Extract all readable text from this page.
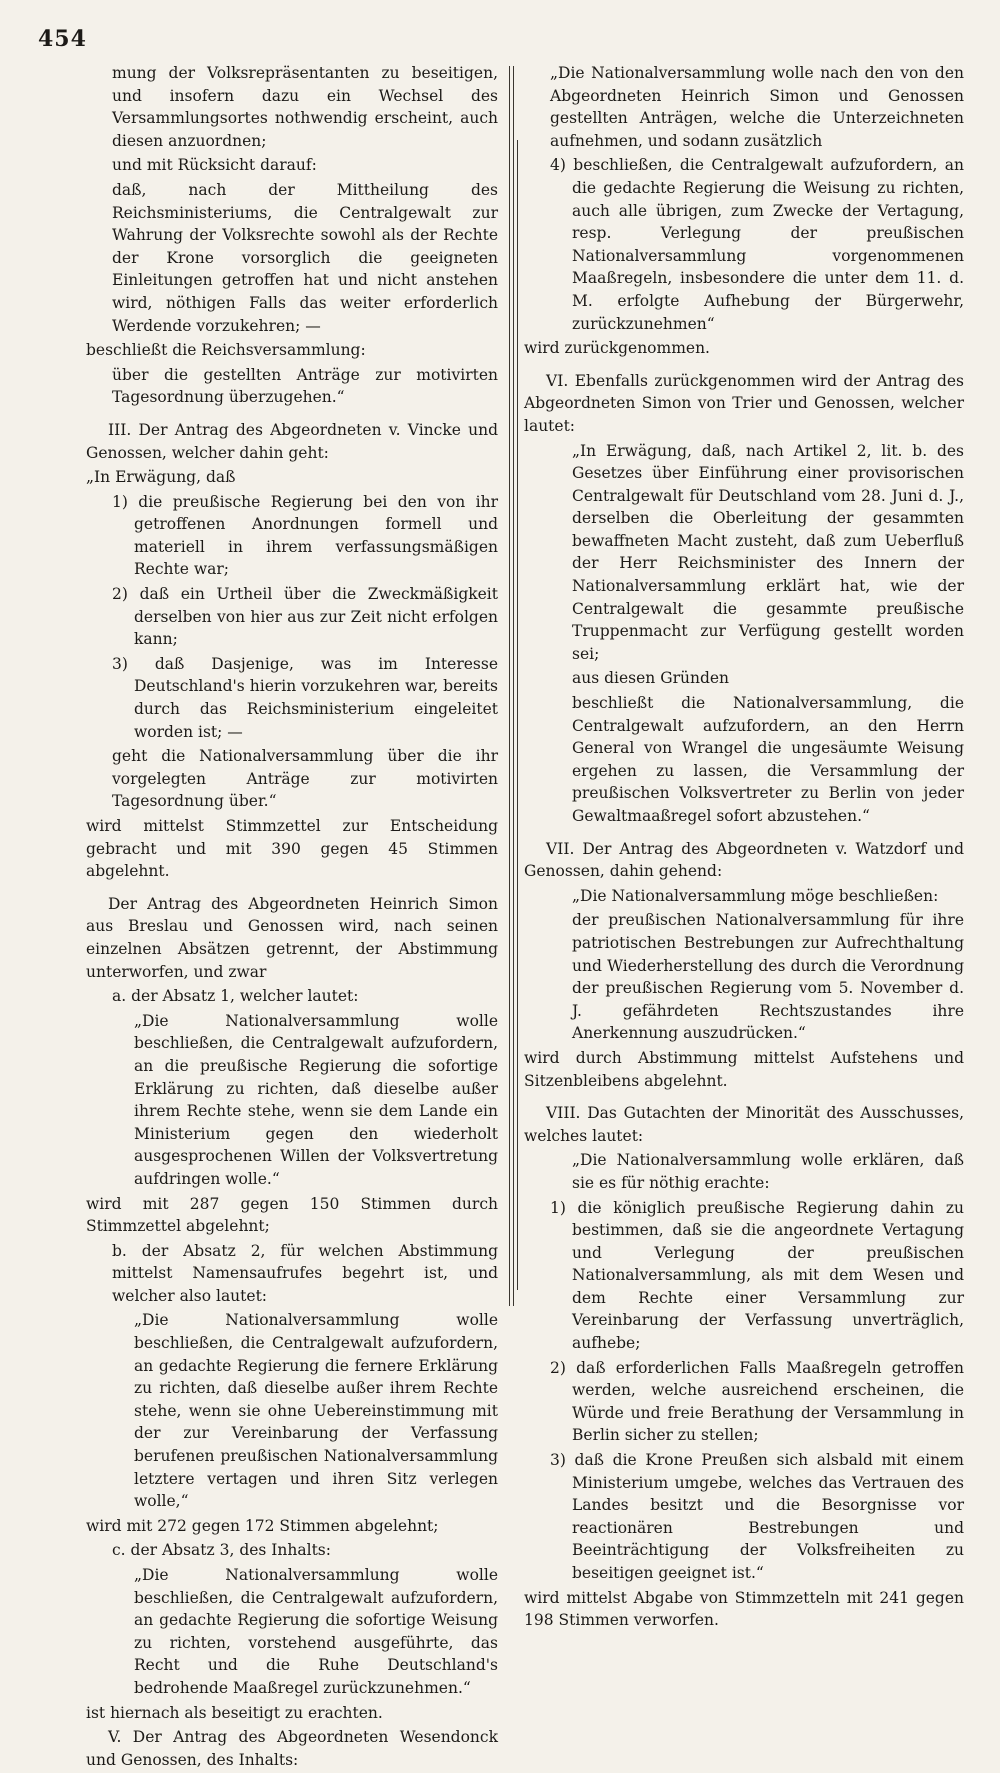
454

mung der Volksrepräsentanten zu beseitigen, und insofern dazu ein Wechsel des Versammlungsortes nothwendig erscheint, auch diesen anzuordnen;

und mit Rücksicht darauf:

daß, nach der Mittheilung des Reichsministeriums, die Centralgewalt zur Wahrung der Volksrechte sowohl als der Rechte der Krone vorsorglich die geeigneten Einleitungen getroffen hat und nicht anstehen wird, nöthigen Falls das weiter erforderlich Werdende vorzukehren; —

beschließt die Reichsversammlung:

über die gestellten Anträge zur motivirten Tagesordnung überzugehen.“

III. Der Antrag des Abgeordneten v. Vincke und Genossen, welcher dahin geht:

„In Erwägung, daß

1) die preußische Regierung bei den von ihr getroffenen Anordnungen formell und materiell in ihrem verfassungsmäßigen Rechte war;

2) daß ein Urtheil über die Zweckmäßigkeit derselben von hier aus zur Zeit nicht erfolgen kann;

3) daß Dasjenige, was im Interesse Deutschland's hierin vorzukehren war, bereits durch das Reichsministerium eingeleitet worden ist; —

geht die Nationalversammlung über die ihr vorgelegten Anträge zur motivirten Tagesordnung über.“

wird mittelst Stimmzettel zur Entscheidung gebracht und mit 390 gegen 45 Stimmen abgelehnt.

Der Antrag des Abgeordneten Heinrich Simon aus Breslau und Genossen wird, nach seinen einzelnen Absätzen getrennt, der Abstimmung unterworfen, und zwar

a. der Absatz 1, welcher lautet:

„Die Nationalversammlung wolle beschließen, die Centralgewalt aufzufordern, an die preußische Regierung die sofortige Erklärung zu richten, daß dieselbe außer ihrem Rechte stehe, wenn sie dem Lande ein Ministerium gegen den wiederholt ausgesprochenen Willen der Volksvertretung aufdringen wolle.“

wird mit 287 gegen 150 Stimmen durch Stimmzettel abgelehnt;

b. der Absatz 2, für welchen Abstimmung mittelst Namensaufrufes begehrt ist, und welcher also lautet:

„Die Nationalversammlung wolle beschließen, die Centralgewalt aufzufordern, an gedachte Regierung die fernere Erklärung zu richten, daß dieselbe außer ihrem Rechte stehe, wenn sie ohne Uebereinstimmung mit der zur Vereinbarung der Verfassung berufenen preußischen Nationalversammlung letztere vertagen und ihren Sitz verlegen wolle,“

wird mit 272 gegen 172 Stimmen abgelehnt;

c. der Absatz 3, des Inhalts:

„Die Nationalversammlung wolle beschließen, die Centralgewalt aufzufordern, an gedachte Regierung die sofortige Weisung zu richten, vorstehend ausgeführte, das Recht und die Ruhe Deutschland's bedrohende Maaßregel zurückzunehmen.“

ist hiernach als beseitigt zu erachten.

V. Der Antrag des Abgeordneten Wesendonck und Genossen, des Inhalts:

„Die Nationalversammlung wolle nach den von den Abgeordneten Heinrich Simon und Genossen gestellten Anträgen, welche die Unterzeichneten aufnehmen, und sodann zusätzlich

4) beschließen, die Centralgewalt aufzufordern, an die gedachte Regierung die Weisung zu richten, auch alle übrigen, zum Zwecke der Vertagung, resp. Verlegung der preußischen Nationalversammlung vorgenommenen Maaßregeln, insbesondere die unter dem 11. d. M. erfolgte Aufhebung der Bürgerwehr, zurückzunehmen“

wird zurückgenommen.

VI. Ebenfalls zurückgenommen wird der Antrag des Abgeordneten Simon von Trier und Genossen, welcher lautet:

„In Erwägung, daß, nach Artikel 2, lit. b. des Gesetzes über Einführung einer provisorischen Centralgewalt für Deutschland vom 28. Juni d. J., derselben die Oberleitung der gesammten bewaffneten Macht zusteht, daß zum Ueberfluß der Herr Reichsminister des Innern der Nationalversammlung erklärt hat, wie der Centralgewalt die gesammte preußische Truppenmacht zur Verfügung gestellt worden sei;

aus diesen Gründen

beschließt die Nationalversammlung, die Centralgewalt aufzufordern, an den Herrn General von Wrangel die ungesäumte Weisung ergehen zu lassen, die Versammlung der preußischen Volksvertreter zu Berlin von jeder Gewaltmaaßregel sofort abzustehen.“

VII. Der Antrag des Abgeordneten v. Watzdorf und Genossen, dahin gehend:

„Die Nationalversammlung möge beschließen:

der preußischen Nationalversammlung für ihre patriotischen Bestrebungen zur Aufrechthaltung und Wiederherstellung des durch die Verordnung der preußischen Regierung vom 5. November d. J. gefährdeten Rechtszustandes ihre Anerkennung auszudrücken.“

wird durch Abstimmung mittelst Aufstehens und Sitzenbleibens abgelehnt.

VIII. Das Gutachten der Minorität des Ausschusses, welches lautet:

„Die Nationalversammlung wolle erklären, daß sie es für nöthig erachte:

1) die königlich preußische Regierung dahin zu bestimmen, daß sie die angeordnete Vertagung und Verlegung der preußischen Nationalversammlung, als mit dem Wesen und dem Rechte einer Versammlung zur Vereinbarung der Verfassung unverträglich, aufhebe;

2) daß erforderlichen Falls Maaßregeln getroffen werden, welche ausreichend erscheinen, die Würde und freie Berathung der Versammlung in Berlin sicher zu stellen;

3) daß die Krone Preußen sich alsbald mit einem Ministerium umgebe, welches das Vertrauen des Landes besitzt und die Besorgnisse vor reactionären Bestrebungen und Beeinträchtigung der Volksfreiheiten zu beseitigen geeignet ist.“

wird mittelst Abgabe von Stimmzetteln mit 241 gegen 198 Stimmen verworfen.
